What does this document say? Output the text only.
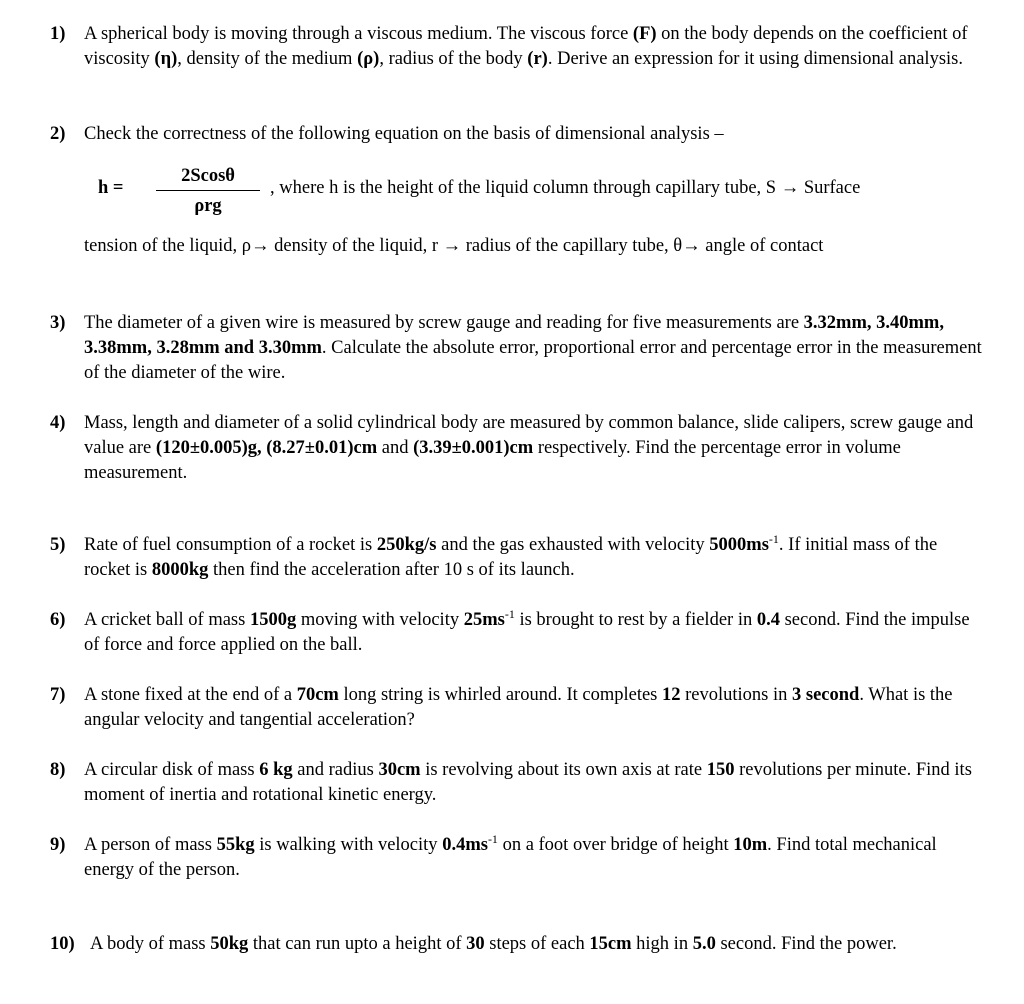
1) A spherical body is moving through a viscous medium. The viscous force (F) on the body depends on the coefficient of viscosity (η), density of the medium (ρ), radius of the body (r). Derive an expression for it using dimensional analysis.
2) Check the correctness of the following equation on the basis of dimensional analysis –
h =
2Scosθ
ρrg
, where h is the height of the liquid column through capillary tube, S → Surface
tension of the liquid, ρ→ density of the liquid, r → radius of the capillary tube, θ→ angle of contact
3) The diameter of a given wire is measured by screw gauge and reading for five measurements are 3.32mm, 3.40mm, 3.38mm, 3.28mm and 3.30mm. Calculate the absolute error, proportional error and percentage error in the measurement of the diameter of the wire.
4) Mass, length and diameter of a solid cylindrical body are measured by common balance, slide calipers, screw gauge and value are (120±0.005)g, (8.27±0.01)cm and (3.39±0.001)cm respectively. Find the percentage error in volume measurement.
5) Rate of fuel consumption of a rocket is 250kg/s and the gas exhausted with velocity $5000ms^{-1}$. If initial mass of the rocket is 8000kg then find the acceleration after 10 s of its launch.
6) A cricket ball of mass 1500g moving with velocity $25ms^{-1}$ is brought to rest by a fielder in 0.4 second. Find the impulse of force and force applied on the ball.
7) A stone fixed at the end of a 70cm long string is whirled around. It completes 12 revolutions in 3 second. What is the angular velocity and tangential acceleration?
8) A circular disk of mass 6 kg and radius 30cm is revolving about its own axis at rate 150 revolutions per minute. Find its moment of inertia and rotational kinetic energy.
9) A person of mass 55kg is walking with velocity $0.4ms^{-1}$ on a foot over bridge of height 10m. Find total mechanical energy of the person.
10) A body of mass 50kg that can run upto a height of 30 steps of each 15cm high in 5.0 second. Find the power.
